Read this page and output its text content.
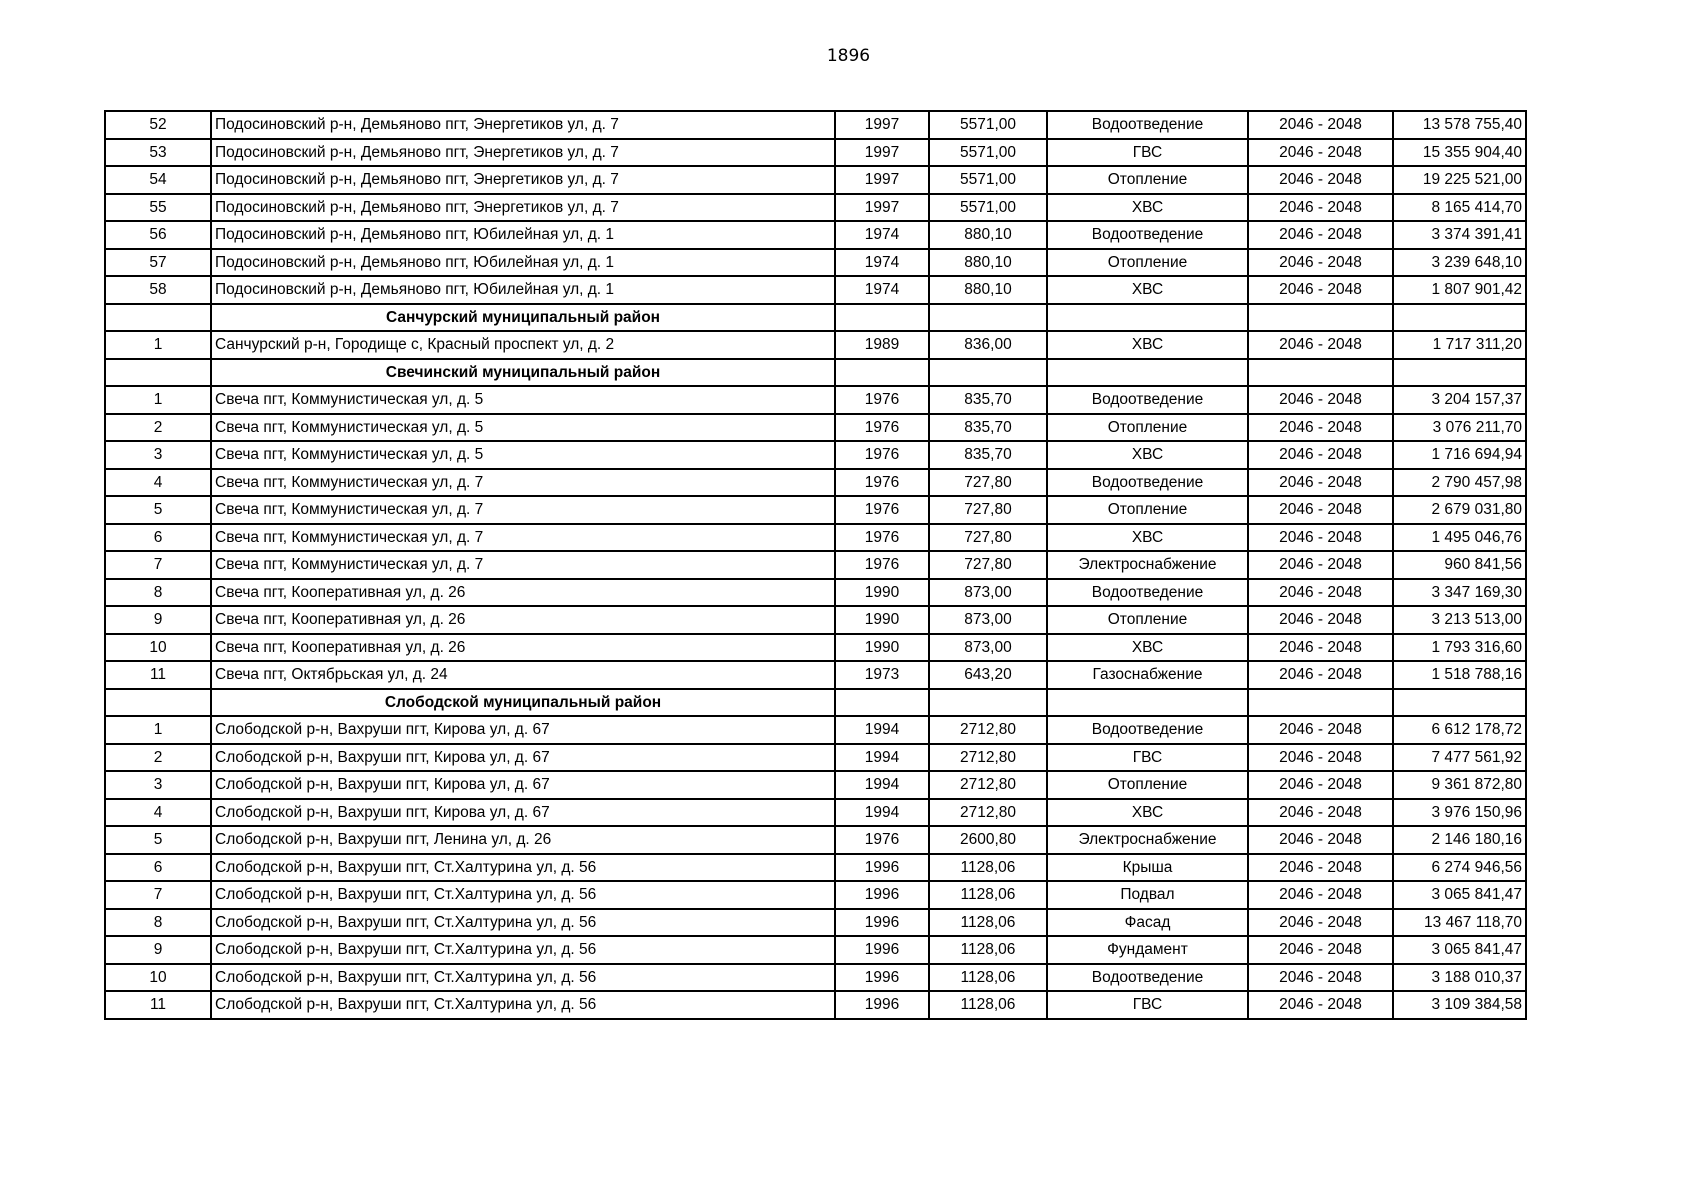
1896
52	Подосиновский р-н, Демьяново пгт, Энергетиков ул, д. 7	1997	5571,00	Водоотведение	2046 - 2048	13 578 755,40
53	Подосиновский р-н, Демьяново пгт, Энергетиков ул, д. 7	1997	5571,00	ГВС	2046 - 2048	15 355 904,40
54	Подосиновский р-н, Демьяново пгт, Энергетиков ул, д. 7	1997	5571,00	Отопление	2046 - 2048	19 225 521,00
55	Подосиновский р-н, Демьяново пгт, Энергетиков ул, д. 7	1997	5571,00	ХВС	2046 - 2048	8 165 414,70
56	Подосиновский р-н, Демьяново пгт, Юбилейная ул, д. 1	1974	880,10	Водоотведение	2046 - 2048	3 374 391,41
57	Подосиновский р-н, Демьяново пгт, Юбилейная ул, д. 1	1974	880,10	Отопление	2046 - 2048	3 239 648,10
58	Подосиновский р-н, Демьяново пгт, Юбилейная ул, д. 1	1974	880,10	ХВС	2046 - 2048	1 807 901,42
	Санчурский муниципальный район					
1	Санчурский р-н, Городище с, Красный проспект ул, д. 2	1989	836,00	ХВС	2046 - 2048	1 717 311,20
	Свечинский муниципальный район					
1	Свеча пгт, Коммунистическая ул, д. 5	1976	835,70	Водоотведение	2046 - 2048	3 204 157,37
2	Свеча пгт, Коммунистическая ул, д. 5	1976	835,70	Отопление	2046 - 2048	3 076 211,70
3	Свеча пгт, Коммунистическая ул, д. 5	1976	835,70	ХВС	2046 - 2048	1 716 694,94
4	Свеча пгт, Коммунистическая ул, д. 7	1976	727,80	Водоотведение	2046 - 2048	2 790 457,98
5	Свеча пгт, Коммунистическая ул, д. 7	1976	727,80	Отопление	2046 - 2048	2 679 031,80
6	Свеча пгт, Коммунистическая ул, д. 7	1976	727,80	ХВС	2046 - 2048	1 495 046,76
7	Свеча пгт, Коммунистическая ул, д. 7	1976	727,80	Электроснабжение	2046 - 2048	960 841,56
8	Свеча пгт, Кооперативная ул, д. 26	1990	873,00	Водоотведение	2046 - 2048	3 347 169,30
9	Свеча пгт, Кооперативная ул, д. 26	1990	873,00	Отопление	2046 - 2048	3 213 513,00
10	Свеча пгт, Кооперативная ул, д. 26	1990	873,00	ХВС	2046 - 2048	1 793 316,60
11	Свеча пгт, Октябрьская ул, д. 24	1973	643,20	Газоснабжение	2046 - 2048	1 518 788,16
	Слободской муниципальный район					
1	Слободской р-н, Вахруши пгт, Кирова ул, д. 67	1994	2712,80	Водоотведение	2046 - 2048	6 612 178,72
2	Слободской р-н, Вахруши пгт, Кирова ул, д. 67	1994	2712,80	ГВС	2046 - 2048	7 477 561,92
3	Слободской р-н, Вахруши пгт, Кирова ул, д. 67	1994	2712,80	Отопление	2046 - 2048	9 361 872,80
4	Слободской р-н, Вахруши пгт, Кирова ул, д. 67	1994	2712,80	ХВС	2046 - 2048	3 976 150,96
5	Слободской р-н, Вахруши пгт, Ленина ул, д. 26	1976	2600,80	Электроснабжение	2046 - 2048	2 146 180,16
6	Слободской р-н, Вахруши пгт, Ст.Халтурина ул, д. 56	1996	1128,06	Крыша	2046 - 2048	6 274 946,56
7	Слободской р-н, Вахруши пгт, Ст.Халтурина ул, д. 56	1996	1128,06	Подвал	2046 - 2048	3 065 841,47
8	Слободской р-н, Вахруши пгт, Ст.Халтурина ул, д. 56	1996	1128,06	Фасад	2046 - 2048	13 467 118,70
9	Слободской р-н, Вахруши пгт, Ст.Халтурина ул, д. 56	1996	1128,06	Фундамент	2046 - 2048	3 065 841,47
10	Слободской р-н, Вахруши пгт, Ст.Халтурина ул, д. 56	1996	1128,06	Водоотведение	2046 - 2048	3 188 010,37
11	Слободской р-н, Вахруши пгт, Ст.Халтурина ул, д. 56	1996	1128,06	ГВС	2046 - 2048	3 109 384,58
